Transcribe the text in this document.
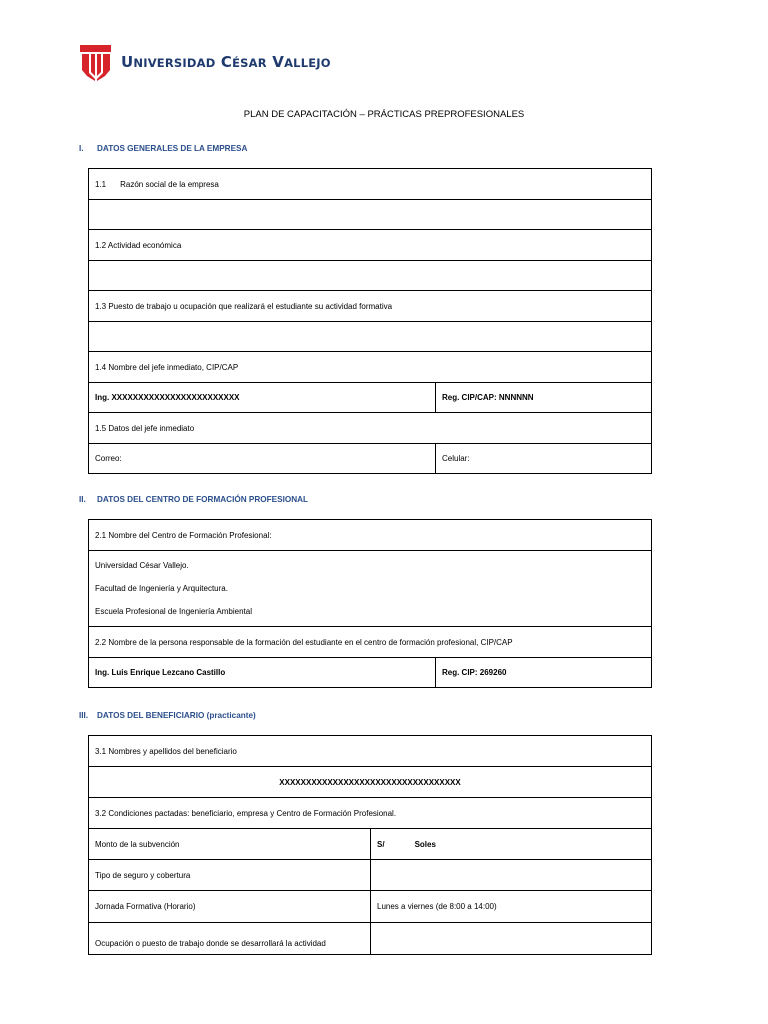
UNIVERSIDAD CÉSAR VALLEJO
PLAN DE CAPACITACIÓN – PRÁCTICAS PREPROFESIONALES
I. DATOS GENERALES DE LA EMPRESA
1.1 Razón social de la empresa	

1.2 Actividad económica	

1.3 Puesto de trabajo u ocupación que realizará el estudiante su actividad formativa	

1.4 Nombre del jefe inmediato, CIP/CAP	
Ing. XXXXXXXXXXXXXXXXXXXXXXXX	Reg. CIP/CAP: NNNNNN
1.5 Datos del jefe inmediato	
Correo:	Celular:
II. DATOS DEL CENTRO DE FORMACIÓN PROFESIONAL
2.1 Nombre del Centro de Formación Profesional:

Universidad César Vallejo.

Facultad de Ingeniería y Arquitectura.

Escuela Profesional de Ingeniería Ambiental

2.2 Nombre de la persona responsable de la formación del estudiante en el centro de formación profesional, CIP/CAP
Ing. Luis Enrique Lezcano Castillo	Reg. CIP: 269260
III. DATOS DEL BENEFICIARIO (practicante)
3.1 Nombres y apellidos del beneficiario	
XXXXXXXXXXXXXXXXXXXXXXXXXXXXXXXXXX	
3.2 Condiciones pactadas: beneficiario, empresa y Centro de Formación Profesional.	
Monto de la subvención	S/ Soles
Tipo de seguro y cobertura	
Jornada Formativa (Horario)	Lunes a viernes (de 8:00 a 14:00)
Ocupación o puesto de trabajo donde se desarrollará la actividad	
